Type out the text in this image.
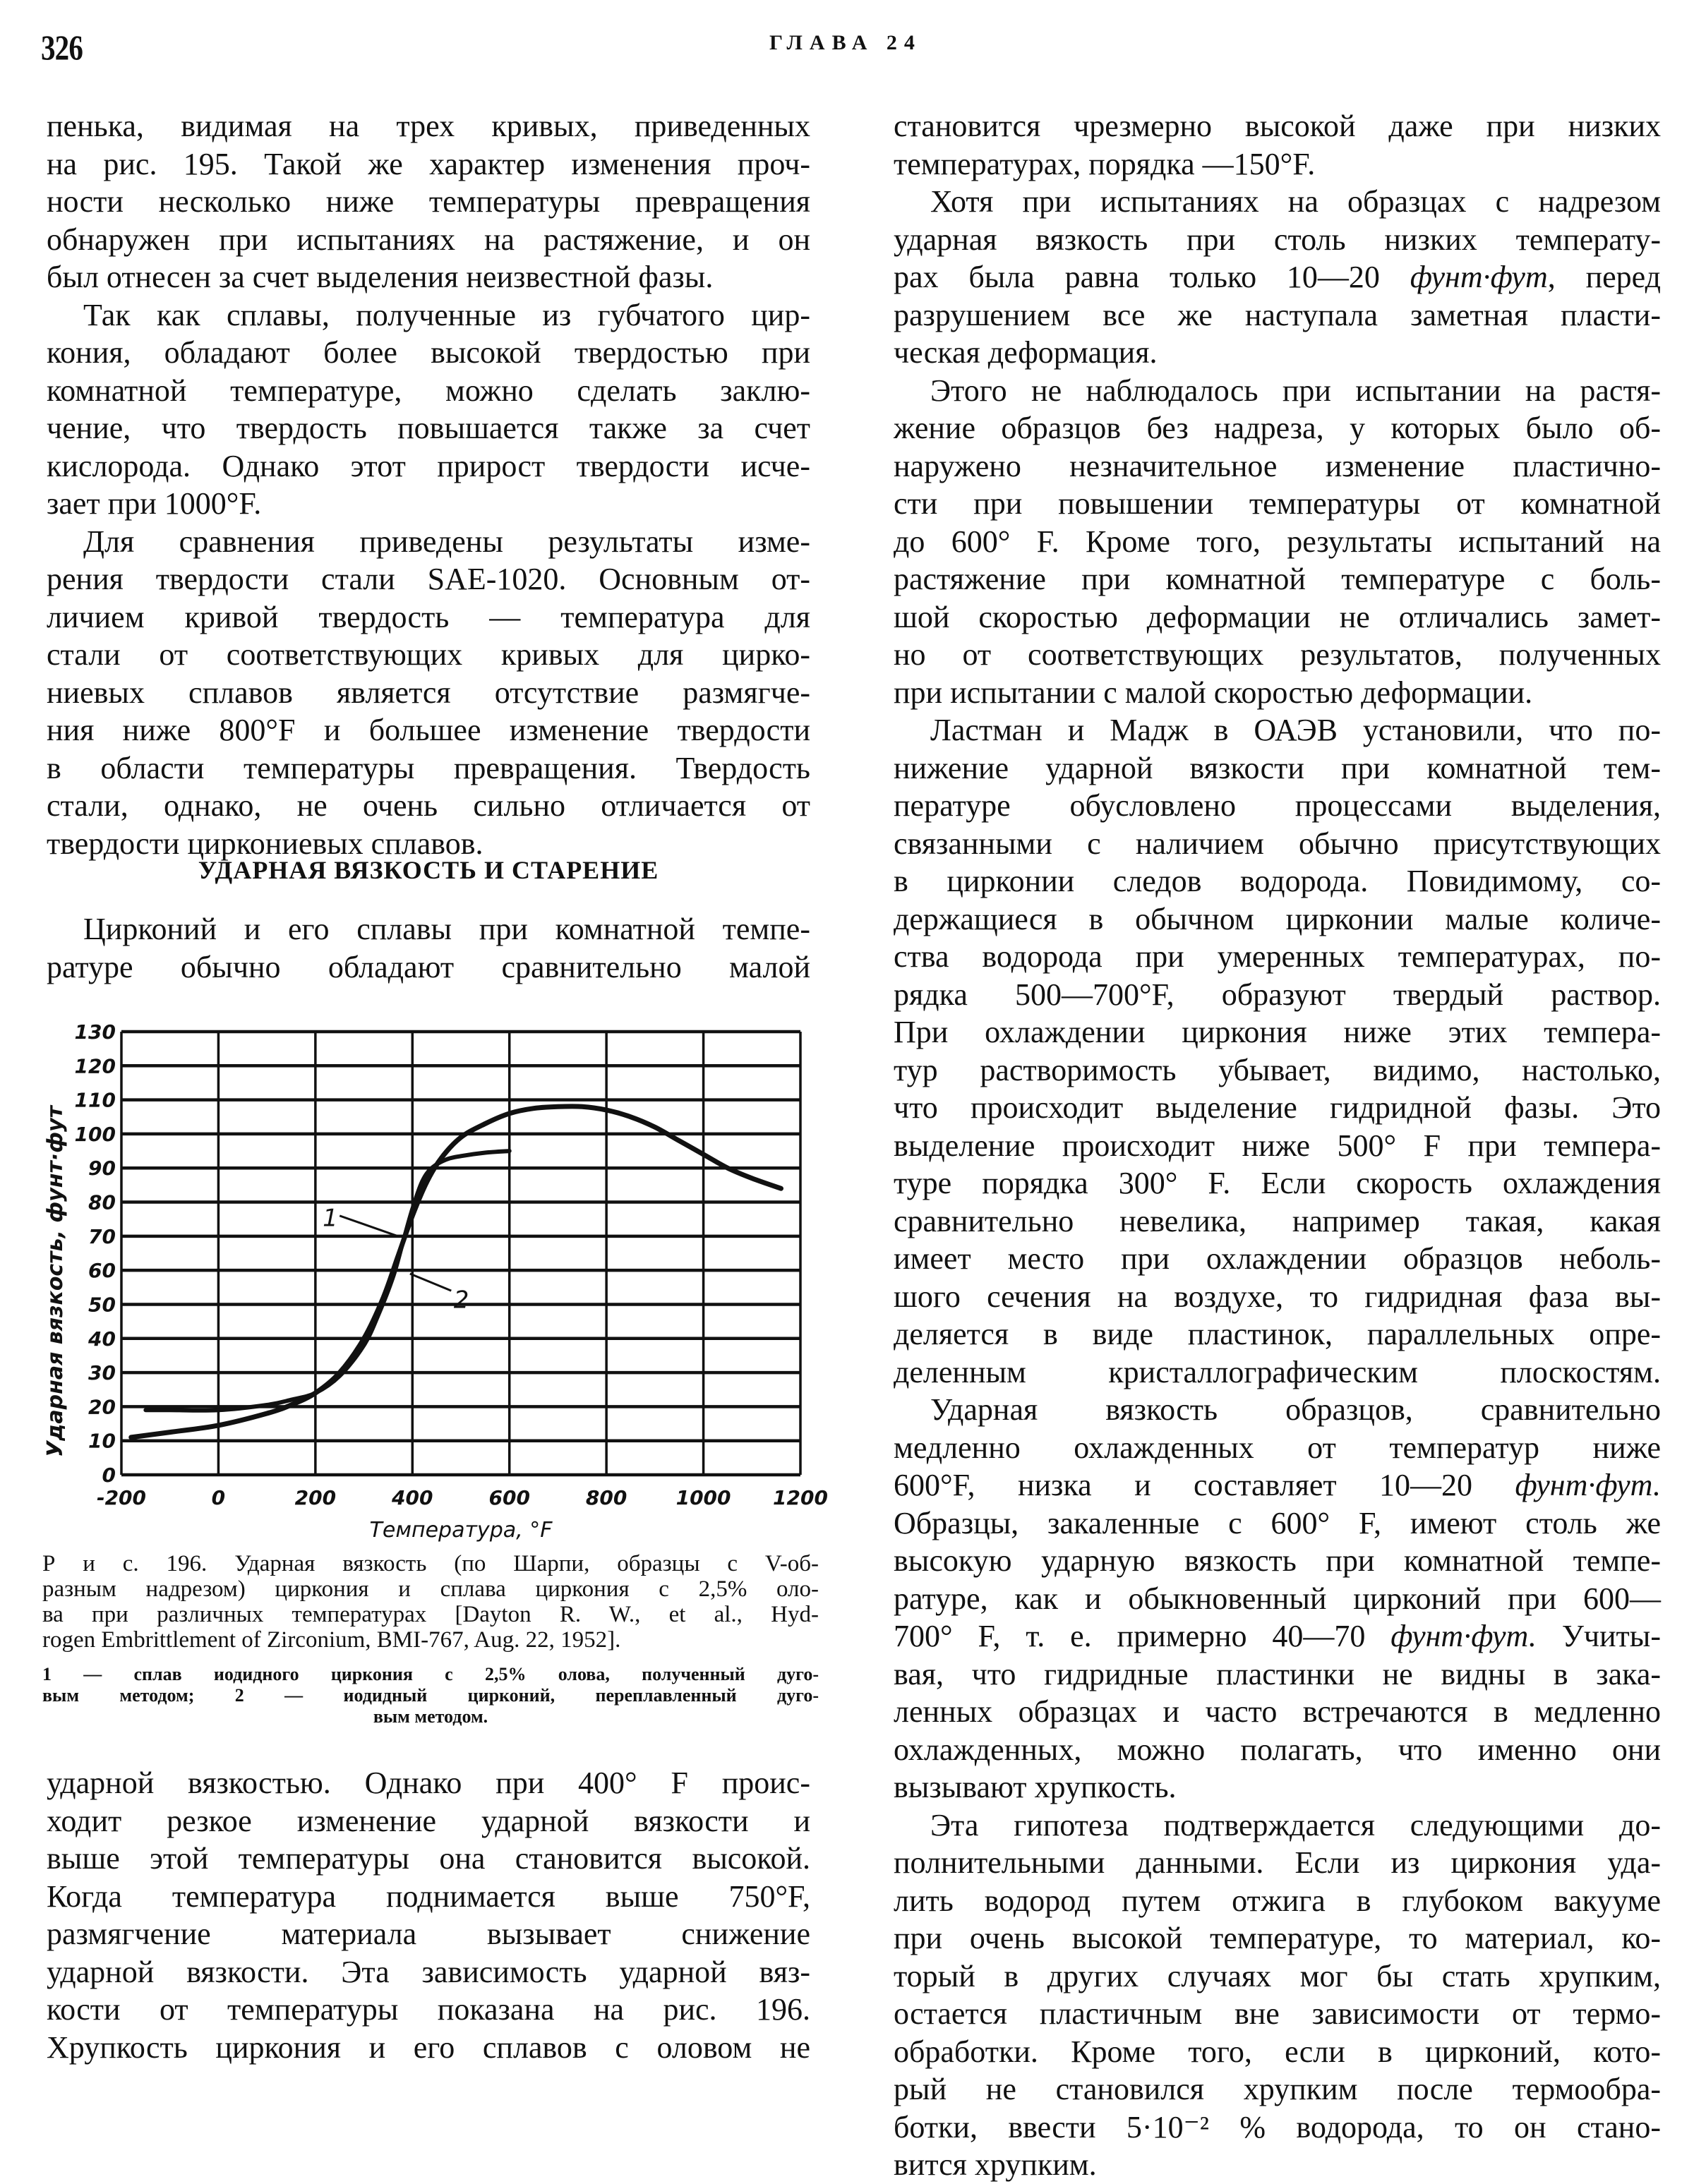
326	ГЛАВА 24
пенька, видимая на трех кривых, приведенных
на рис. 195. Такой же характер изменения проч-
ности несколько ниже температуры превращения
обнаружен при испытаниях на растяжение, и он
был отнесен за счет выделения неизвестной фазы.
Так как сплавы, полученные из губчатого цир-
кония, обладают более высокой твердостью при
комнатной температуре, можно сделать заклю-
чение, что твердость повышается также за счет
кислорода. Однако этот прирост твердости исче-
зает при 1000°F.
Для сравнения приведены результаты изме-
рения твердости стали SAE-1020. Основным от-
личием кривой твердость — температура для
стали от соответствующих кривых для цирко-
ниевых сплавов является отсутствие размягче-
ния ниже 800°F и большее изменение твердости
в области температуры превращения. Твердость
стали, однако, не очень сильно отличается от
твердости циркониевых сплавов.
УДАРНАЯ ВЯЗКОСТЬ И СТАРЕНИЕ
Цирконий и его сплавы при комнатной темпе-
ратуре обычно обладают сравнительно малой
0
10
20
30
40
50
60
70
80
90
100
110
120
130
-200	0	200	400	600	800 1000 1200
Температура, °F
Ударная вязкость, фунт·фут	1
2
Р и с. 196. Ударная вязкость (по Шарпи, образцы с V-об-
разным надрезом) циркония и сплава циркония с 2,5% оло-
ва при различных температурах [Dayton R. W., et al., Hyd-
rogen Embrittlement of Zirconium, BMI-767, Aug. 22, 1952].
1 — сплав иодидного циркония с 2,5% олова, полученный дуго-
вым методом; 2 — иодидный цирконий, переплавленный дуго-
вым методом.
ударной вязкостью. Однако при 400° F проис-
ходит резкое изменение ударной вязкости и
выше этой температуры она становится высокой.
Когда температура поднимается выше 750°F,
размягчение материала вызывает снижение
ударной вязкости. Эта зависимость ударной вяз-
кости от температуры показана на рис. 196.
Хрупкость циркония и его сплавов с оловом не
становится чрезмерно высокой даже при низких
температурах, порядка —150°F.
Хотя при испытаниях на образцах с надрезом
ударная вязкость при столь низких температу-
рах была равна только 10—20 фунт·фут, перед
разрушением все же наступала заметная пласти-
ческая деформация.
Этого не наблюдалось при испытании на растя-
жение образцов без надреза, у которых было об-
наружено незначительное изменение пластично-
сти при повышении температуры от комнатной
до 600° F. Кроме того, результаты испытаний на
растяжение при комнатной температуре с боль-
шой скоростью деформации не отличались замет-
но от соответствующих результатов, полученных
при испытании с малой скоростью деформации.
Ластман и Мадж в ОАЭВ установили, что по-
нижение ударной вязкости при комнатной тем-
пературе обусловлено процессами выделения,
связанными с наличием обычно присутствующих
в цирконии следов водорода. Повидимому, со-
держащиеся в обычном цирконии малые количе-
ства водорода при умеренных температурах, по-
рядка 500—700°F, образуют твердый раствор.
При охлаждении циркония ниже этих темпера-
тур растворимость убывает, видимо, настолько,
что происходит выделение гидридной фазы. Это
выделение происходит ниже 500° F при темпера-
туре порядка 300° F. Если скорость охлаждения
сравнительно невелика, например такая, какая
имеет место при охлаждении образцов неболь-
шого сечения на воздухе, то гидридная фаза вы-
деляется в виде пластинок, параллельных опре-
деленным кристаллографическим плоскостям.
Ударная вязкость образцов, сравнительно
медленно охлажденных от температур ниже
600°F, низка и составляет 10—20 фунт·фут.
Образцы, закаленные с 600° F, имеют столь же
высокую ударную вязкость при комнатной темпе-
ратуре, как и обыкновенный цирконий при 600—
700° F, т. е. примерно 40—70 фунт·фут. Учиты-
вая, что гидридные пластинки не видны в зака-
ленных образцах и часто встречаются в медленно
охлажденных, можно полагать, что именно они
вызывают хрупкость.
Эта гипотеза подтверждается следующими до-
полнительными данными. Если из циркония уда-
лить водород путем отжига в глубоком вакууме
при очень высокой температуре, то материал, ко-
торый в других случаях мог бы стать хрупким,
остается пластичным вне зависимости от термо-
обработки. Кроме того, если в цирконий, кото-
рый не становился хрупким после термообра-
ботки, ввести 5·10⁻² % водорода, то он стано-
вится хрупким.
